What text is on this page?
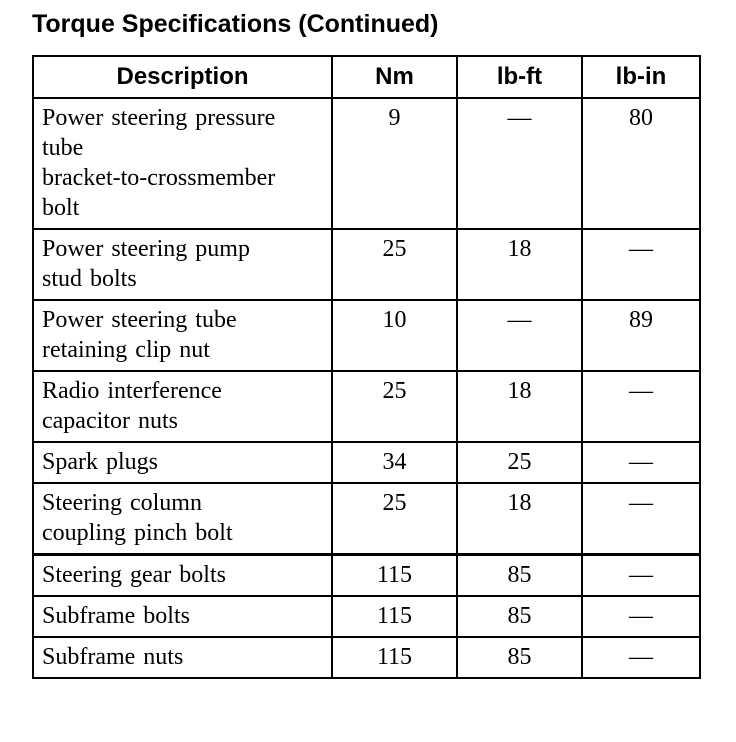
Torque Specifications (Continued)
Description	Nm	lb-ft	lb-in

Power steering pressure
tube
bracket-to-crossmember
bolt	9	—	80

Power steering pump
stud bolts	25	18	—

Power steering tube
retaining clip nut	10	—	89

Radio interference
capacitor nuts	25	18	—

Spark plugs	34	25	—

Steering column
coupling pinch bolt	25	18	—

Steering gear bolts	115	85	—

Subframe bolts	115	85	—

Subframe nuts	115	85	—
